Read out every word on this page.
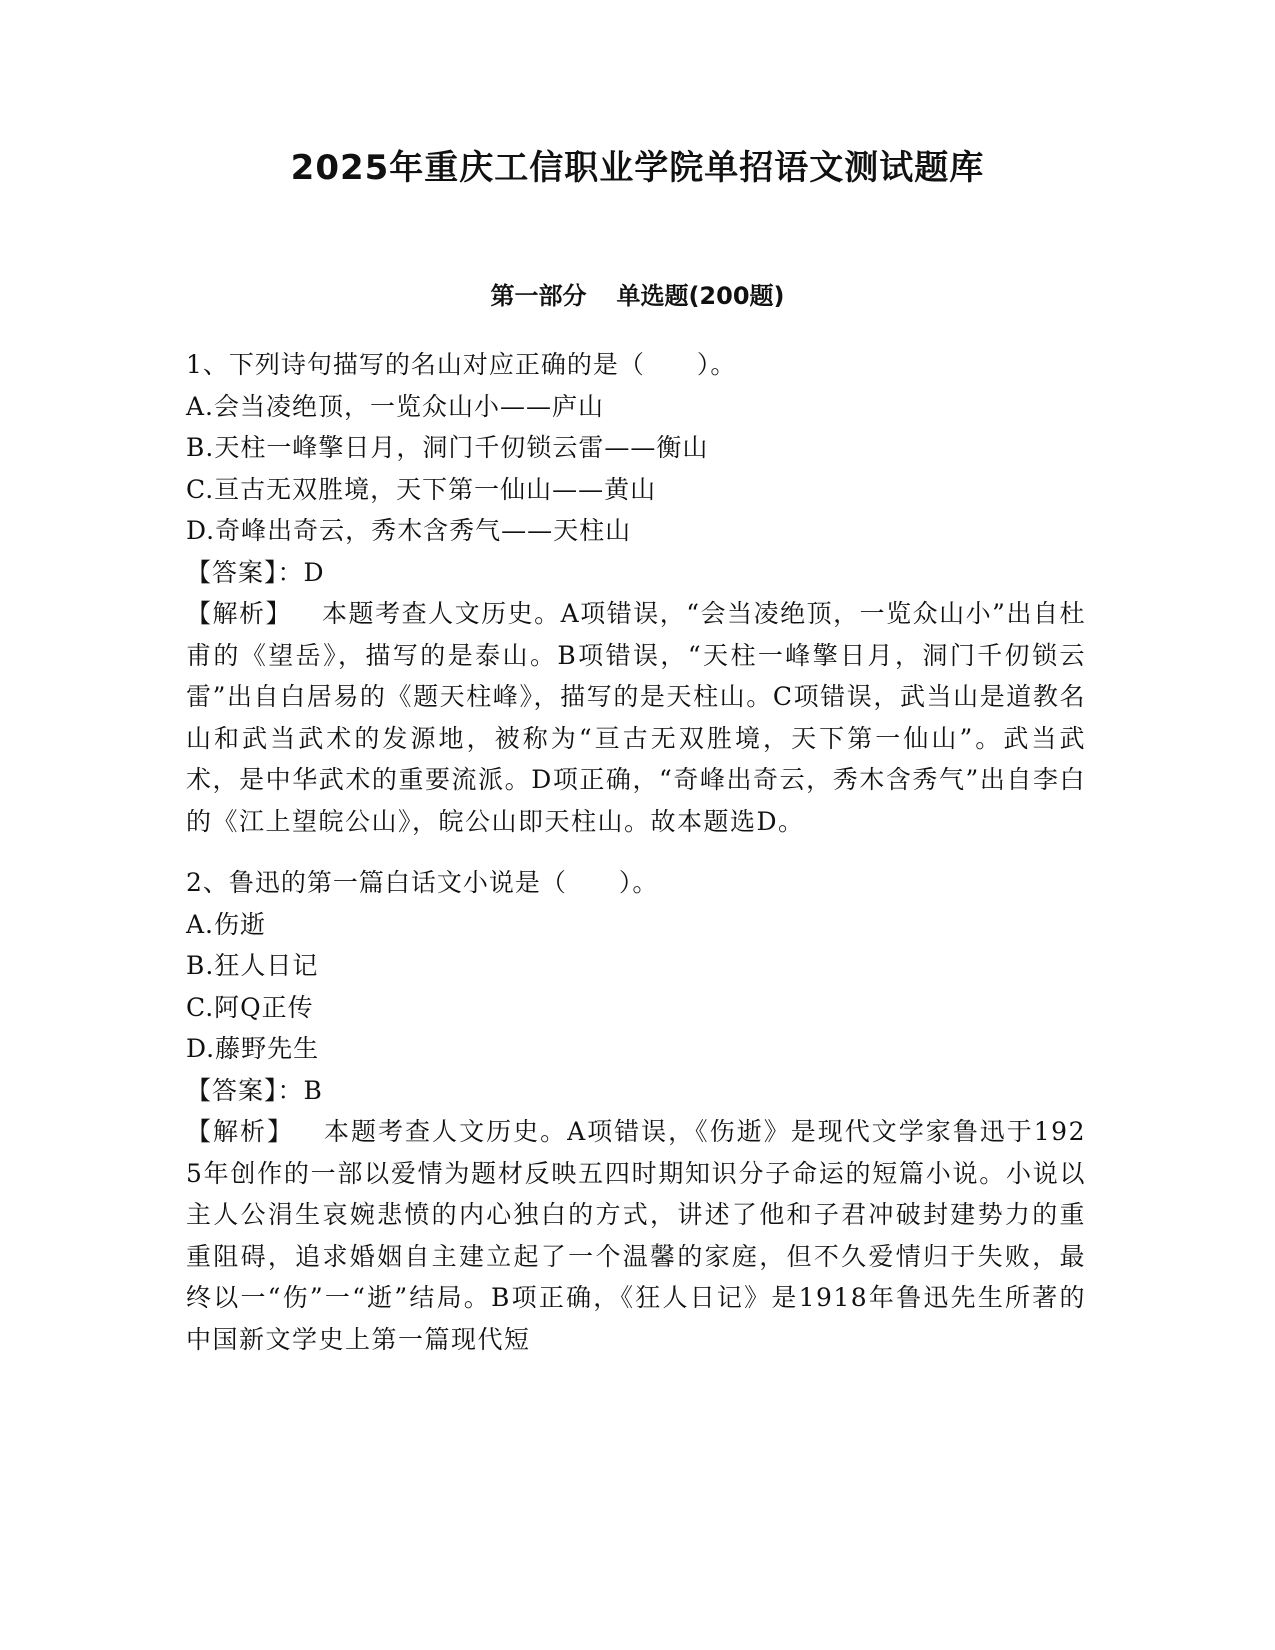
2025年重庆工信职业学院单招语文测试题库
第一部分 单选题(200题)
1、下列诗句描写的名山对应正确的是（　　）。
A.会当凌绝顶，一览众山小——庐山
B.天柱一峰擎日月，洞门千仞锁云雷——衡山
C.亘古无双胜境，天下第一仙山——黄山
D.奇峰出奇云，秀木含秀气——天柱山
【答案】：D
【解析】 本题考查人文历史。A项错误，“会当凌绝顶，一览众山小”出自杜甫的《望岳》，描写的是泰山。B项错误，“天柱一峰擎日月，洞门千仞锁云雷”出自白居易的《题天柱峰》，描写的是天柱山。C项错误，武当山是道教名山和武当武术的发源地，被称为“亘古无双胜境，天下第一仙山”。武当武术，是中华武术的重要流派。D项正确，“奇峰出奇云，秀木含秀气”出自李白的《江上望皖公山》，皖公山即天柱山。故本题选D。
2、鲁迅的第一篇白话文小说是（　　）。
A.伤逝
B.狂人日记
C.阿Q正传
D.藤野先生
【答案】：B
【解析】 本题考查人文历史。A项错误，《伤逝》是现代文学家鲁迅于1925年创作的一部以爱情为题材反映五四时期知识分子命运的短篇小说。小说以主人公涓生哀婉悲愤的内心独白的方式，讲述了他和子君冲破封建势力的重重阻碍，追求婚姻自主建立起了一个温馨的家庭，但不久爱情归于失败，最终以一“伤”一“逝”结局。B项正确，《狂人日记》是1918年鲁迅先生所著的中国新文学史上第一篇现代短
